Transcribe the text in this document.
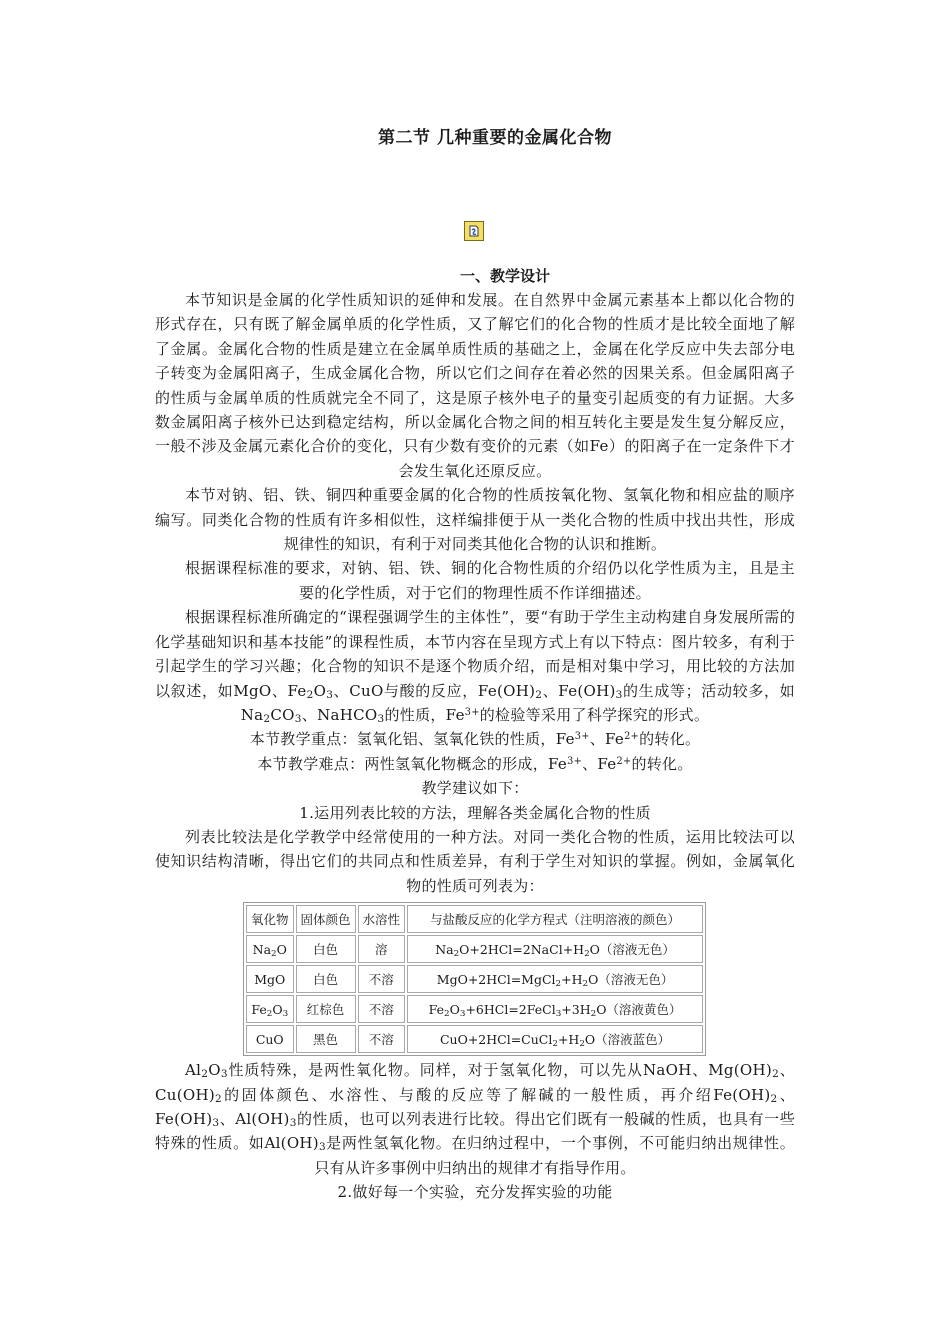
第二节 几种重要的金属化合物
一、教学设计

本节知识是金属的化学性质知识的延伸和发展。在自然界中金属元素基本上都以化合物的形式存在，只有既了解金属单质的化学性质，又了解它们的化合物的性质才是比较全面地了解了金属。金属化合物的性质是建立在金属单质性质的基础之上，金属在化学反应中失去部分电子转变为金属阳离子，生成金属化合物，所以它们之间存在着必然的因果关系。但金属阳离子的性质与金属单质的性质就完全不同了，这是原子核外电子的量变引起质变的有力证据。大多数金属阳离子核外已达到稳定结构，所以金属化合物之间的相互转化主要是发生复分解反应，一般不涉及金属元素化合价的变化，只有少数有变价的元素（如Fe）的阳离子在一定条件下才会发生氧化还原反应。

本节对钠、铝、铁、铜四种重要金属的化合物的性质按氧化物、氢氧化物和相应盐的顺序编写。同类化合物的性质有许多相似性，这样编排便于从一类化合物的性质中找出共性，形成规律性的知识，有利于对同类其他化合物的认识和推断。

根据课程标准的要求，对钠、铝、铁、铜的化合物性质的介绍仍以化学性质为主，且是主要的化学性质，对于它们的物理性质不作详细描述。

根据课程标准所确定的“课程强调学生的主体性”，要“有助于学生主动构建自身发展所需的化学基础知识和基本技能”的课程性质，本节内容在呈现方式上有以下特点：图片较多，有利于引起学生的学习兴趣；化合物的知识不是逐个物质介绍，而是相对集中学习，用比较的方法加以叙述，如MgO、$Fe_2O_3$、CuO与酸的反应，$Fe(OH)_2$、$Fe(OH)_3$的生成等；活动较多，如$Na_2CO_3$、NaHCO$_3$的性质，$Fe^{3+}$的检验等采用了科学探究的形式。

本节教学重点：氢氧化铝、氢氧化铁的性质，$Fe^{3+}$、$Fe^{2+}$的转化。

本节教学难点：两性氢氧化物概念的形成，$Fe^{3+}$、$Fe^{2+}$的转化。

教学建议如下：

1.运用列表比较的方法，理解各类金属化合物的性质

列表比较法是化学教学中经常使用的一种方法。对同一类化合物的性质，运用比较法可以使知识结构清晰，得出它们的共同点和性质差异，有利于学生对知识的掌握。例如，金属氧化物的性质可列表为：

氧化物	固体颜色	水溶性	与盐酸反应的化学方程式（注明溶液的颜色）
$Na_2O$	白色	溶	$Na_2O+2HCl=2NaCl+H_2O$（溶液无色）
MgO	白色	不溶	$MgO+2HCl=MgCl_2+H_2O$（溶液无色）
$Fe_2O_3$	红棕色	不溶	$Fe_2O_3+6HCl=2FeCl_3+3H_2O$（溶液黄色）
CuO	黑色	不溶	$CuO+2HCl=CuCl_2+H_2O$（溶液蓝色）

$Al_2O_3$性质特殊，是两性氧化物。同样，对于氢氧化物，可以先从NaOH、$Mg(OH)_2$、$Cu(OH)_2$的固体颜色、水溶性、与酸的反应等了解碱的一般性质，再介绍$Fe(OH)_2$、$Fe(OH)_3$、$Al(OH)_3$的性质，也可以列表进行比较。得出它们既有一般碱的性质，也具有一些特殊的性质。如$Al(OH)_3$是两性氢氧化物。在归纳过程中，一个事例，不可能归纳出规律性。只有从许多事例中归纳出的规律才有指导作用。

2.做好每一个实验，充分发挥实验的功能
